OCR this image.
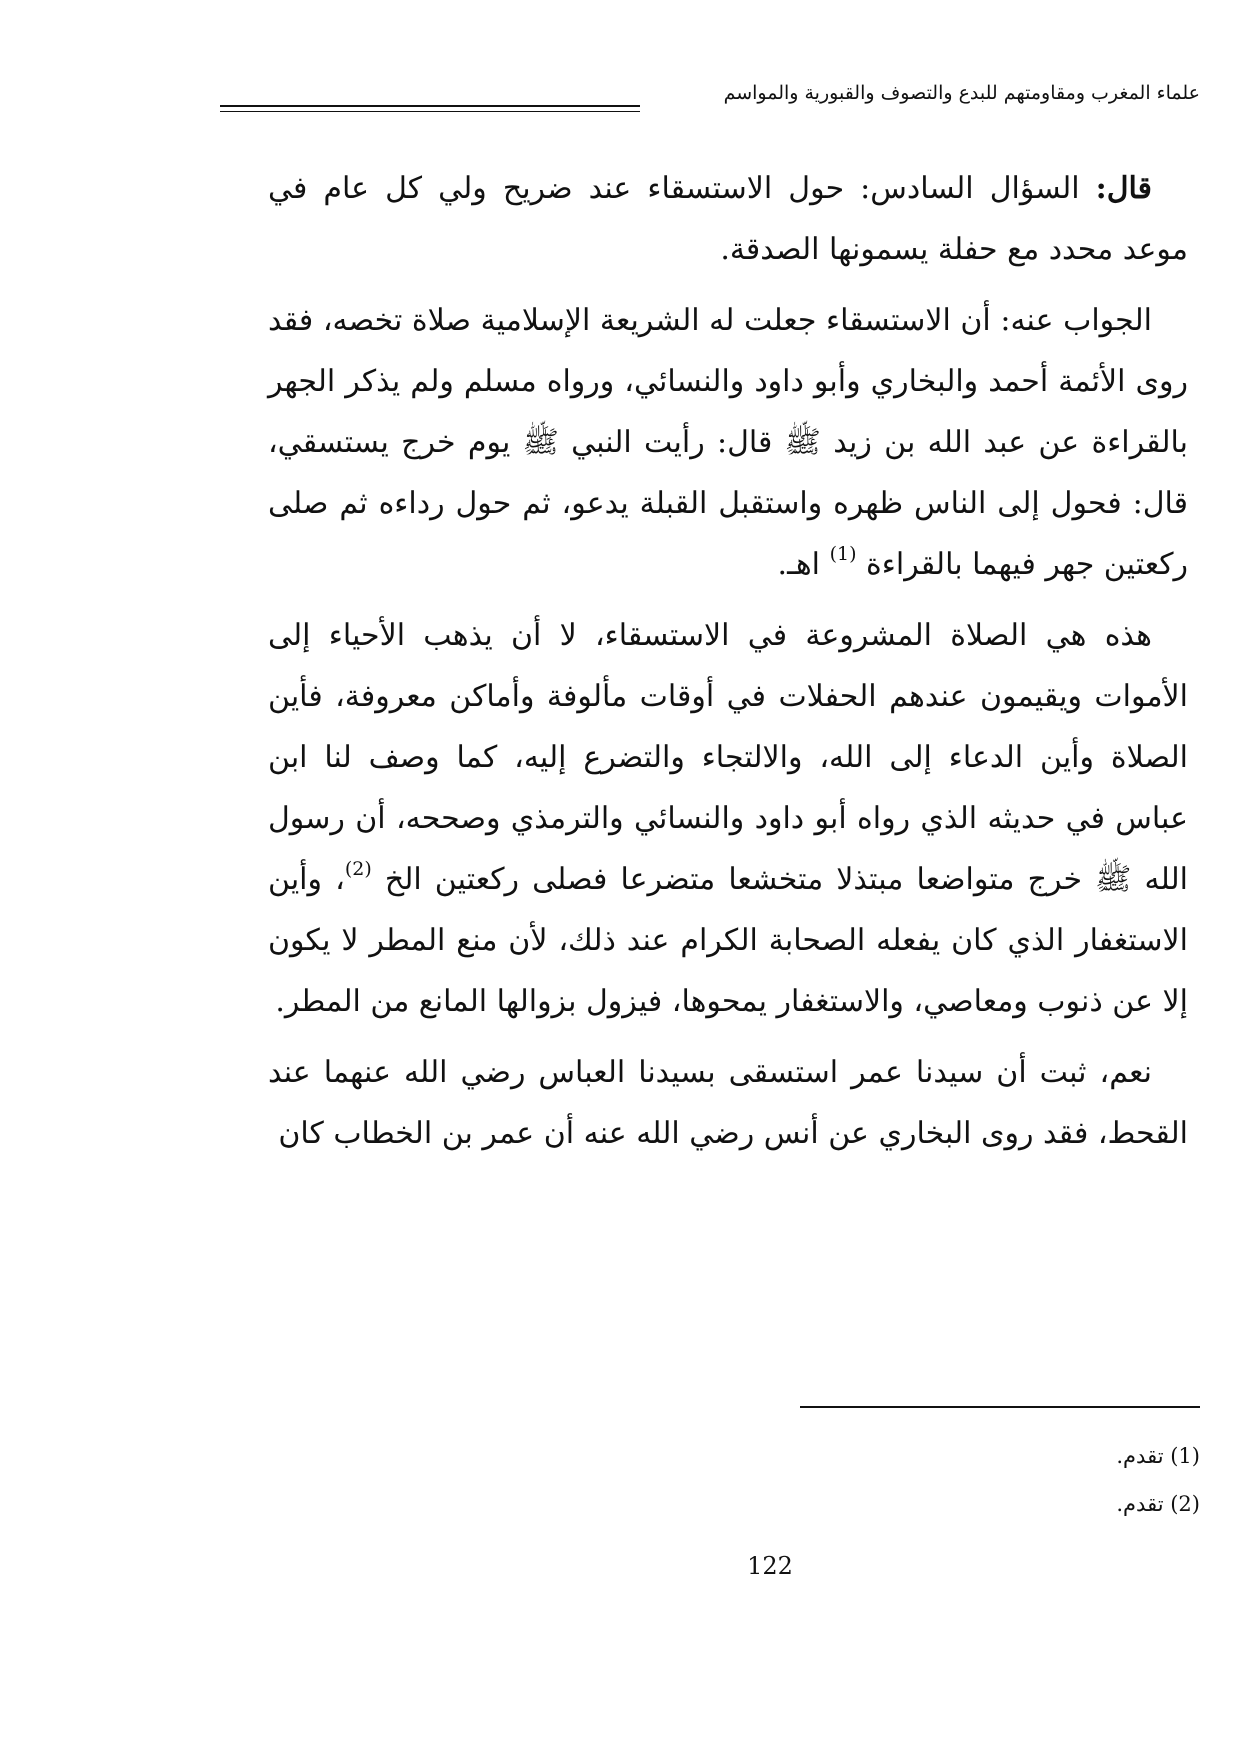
علماء المغرب ومقاومتهم للبدع والتصوف والقبورية والمواسم

قال: السؤال السادس: حول الاستسقاء عند ضريح ولي كل عام في موعد محدد مع حفلة يسمونها الصدقة.

الجواب عنه: أن الاستسقاء جعلت له الشريعة الإسلامية صلاة تخصه، فقد روى الأئمة أحمد والبخاري وأبو داود والنسائي، ورواه مسلم ولم يذكر الجهر بالقراءة عن عبد الله بن زيد ﷺ قال: رأيت النبي ﷺ يوم خرج يستسقي، قال: فحول إلى الناس ظهره واستقبل القبلة يدعو، ثم حول رداءه ثم صلى ركعتين جهر فيهما بالقراءة $^{(1)}$ اهـ.

هذه هي الصلاة المشروعة في الاستسقاء، لا أن يذهب الأحياء إلى الأموات ويقيمون عندهم الحفلات في أوقات مألوفة وأماكن معروفة، فأين الصلاة وأين الدعاء إلى الله، والالتجاء والتضرع إليه، كما وصف لنا ابن عباس في حديثه الذي رواه أبو داود والنسائي والترمذي وصححه، أن رسول الله ﷺ خرج متواضعا مبتذلا متخشعا متضرعا فصلى ركعتين الخ $^{(2)}$، وأين الاستغفار الذي كان يفعله الصحابة الكرام عند ذلك، لأن منع المطر لا يكون إلا عن ذنوب ومعاصي، والاستغفار يمحوها، فيزول بزوالها المانع من المطر.

نعم، ثبت أن سيدنا عمر استسقى بسيدنا العباس رضي الله عنهما عند القحط، فقد روى البخاري عن أنس رضي الله عنه أن عمر بن الخطاب كان

(1) تقدم.
(2) تقدم.
122
